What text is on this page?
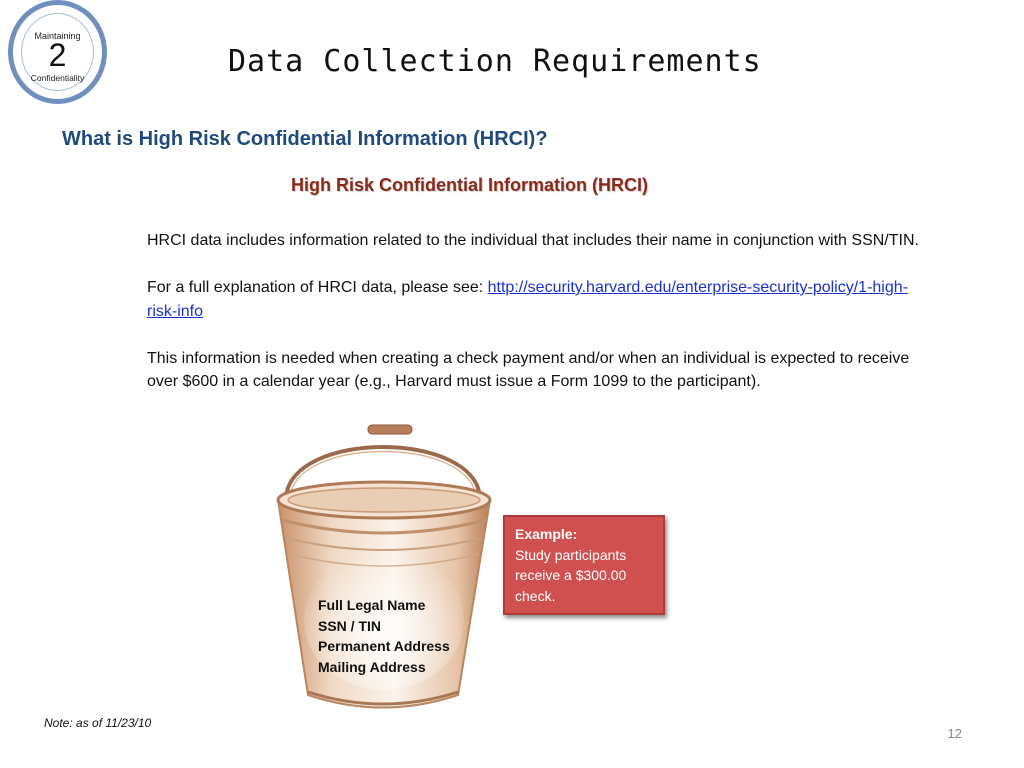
Maintaining
2
Confidentiality	Data Collection Requirements
What is High Risk Confidential Information (HRCI)?
High Risk Confidential Information (HRCI)

HRCI data includes information related to the individual that includes their name in conjunction with SSN/TIN.

For a full explanation of HRCI data, please see: http://security.harvard.edu/enterprise-security-policy/1-high-risk-info

This information is needed when creating a check payment and/or when an individual is expected to receive over $600 in a calendar year (e.g., Harvard must issue a Form 1099 to the participant).

Full Legal Name
SSN / TIN
Permanent Address
Mailing Address
Example:
Study participants receive a $300.00 check.
Note: as of 11/23/10
12
